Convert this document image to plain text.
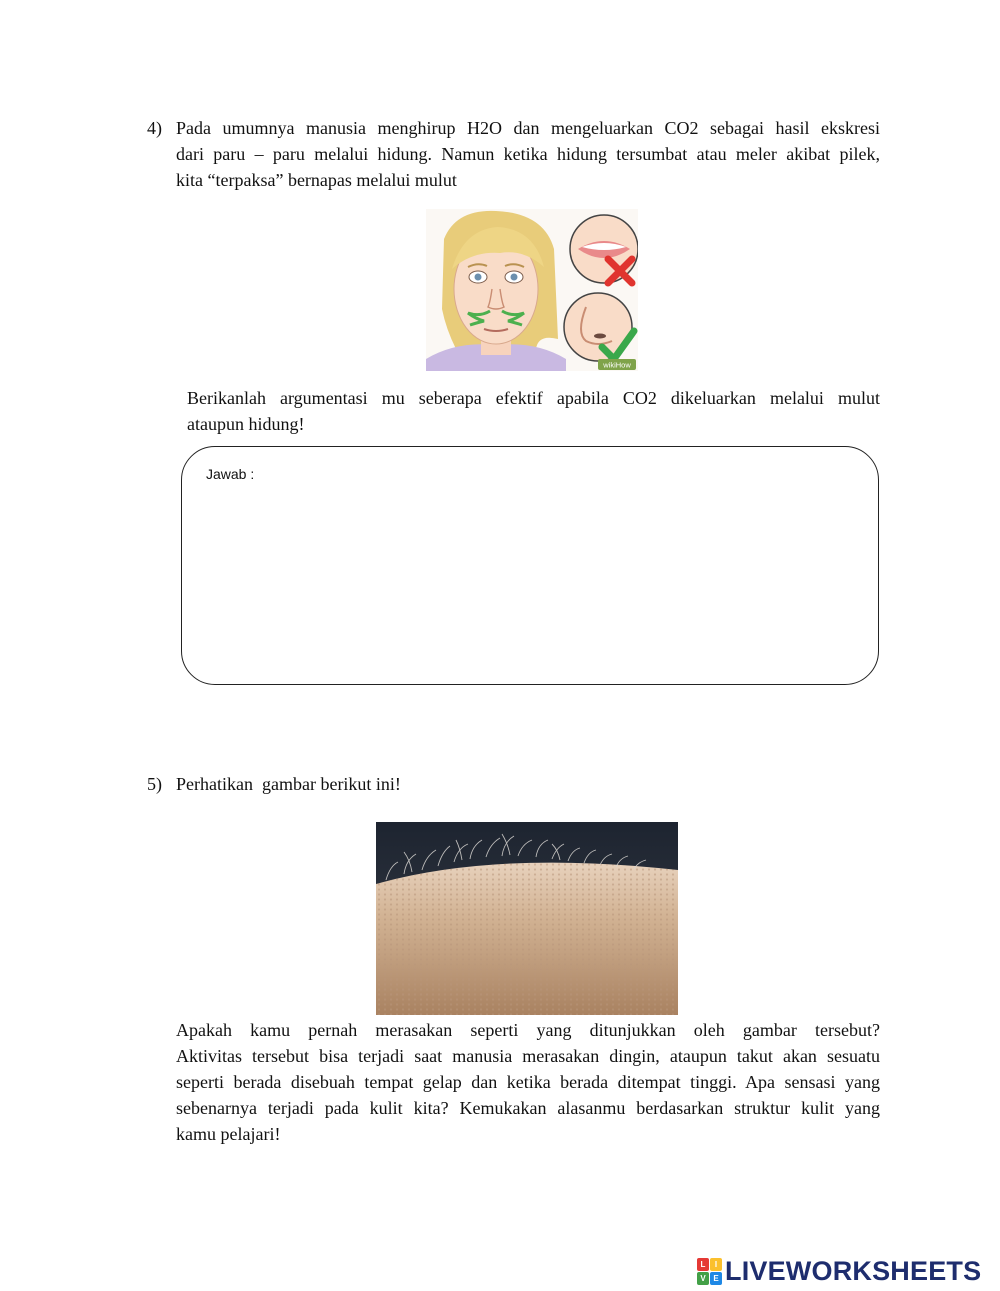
4) Pada umumnya manusia menghirup H2O dan mengeluarkan CO2 sebagai hasil ekskresi
dari paru – paru melalui hidung. Namun ketika hidung tersumbat atau meler akibat pilek,
kita “terpaksa” bernapas melalui mulut

wikiHow

Berikanlah argumentasi mu seberapa efektif apabila CO2 dikeluarkan melalui mulut
ataupun hidung!

Jawab :
5) Perhatikan  gambar berikut ini!

Apakah kamu pernah merasakan seperti yang ditunjukkan oleh gambar tersebut?
Aktivitas tersebut bisa terjadi saat manusia merasakan dingin, ataupun takut akan sesuatu
seperti berada disebuah tempat gelap dan ketika berada ditempat tinggi. Apa sensasi yang
sebenarnya terjadi pada kulit kita? Kemukakan alasanmu berdasarkan struktur kulit yang
kamu pelajari!

L	I
V E LIVEWORKSHEETS
